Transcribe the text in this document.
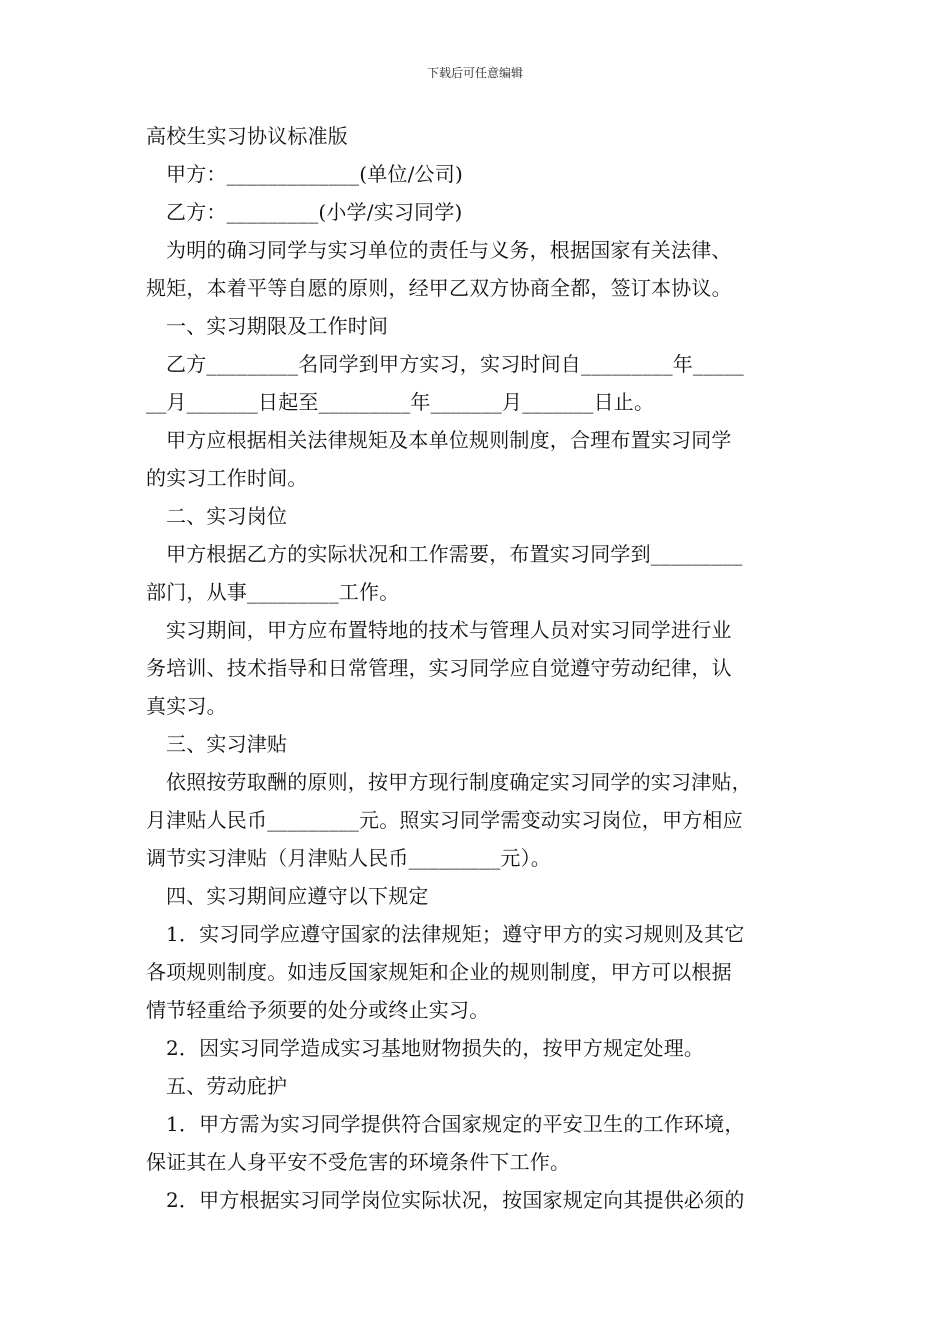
下载后可任意编辑

高校生实习协议标准版

甲方：_____________(单位/公司)

乙方：_________(小学/实习同学)

为明的确习同学与实习单位的责任与义务，根据国家有关法律、

规矩，本着平等自愿的原则，经甲乙双方协商全都，签订本协议。

一、实习期限及工作时间

乙方_________名同学到甲方实习，实习时间自_________年_____

__月_______日起至_________年_______月_______日止。

甲方应根据相关法律规矩及本单位规则制度，合理布置实习同学

的实习工作时间。

二、实习岗位

甲方根据乙方的实际状况和工作需要，布置实习同学到_________

部门，从事_________工作。

实习期间，甲方应布置特地的技术与管理人员对实习同学进行业

务培训、技术指导和日常管理，实习同学应自觉遵守劳动纪律，认

真实习。

三、实习津贴

依照按劳取酬的原则，按甲方现行制度确定实习同学的实习津贴，

月津贴人民币_________元。照实习同学需变动实习岗位，甲方相应

调节实习津贴（月津贴人民币_________元）。

四、实习期间应遵守以下规定

1．实习同学应遵守国家的法律规矩；遵守甲方的实习规则及其它

各项规则制度。如违反国家规矩和企业的规则制度，甲方可以根据

情节轻重给予须要的处分或终止实习。

2．因实习同学造成实习基地财物损失的，按甲方规定处理。

五、劳动庇护

1．甲方需为实习同学提供符合国家规定的平安卫生的工作环境，

保证其在人身平安不受危害的环境条件下工作。

2．甲方根据实习同学岗位实际状况，按国家规定向其提供必须的
